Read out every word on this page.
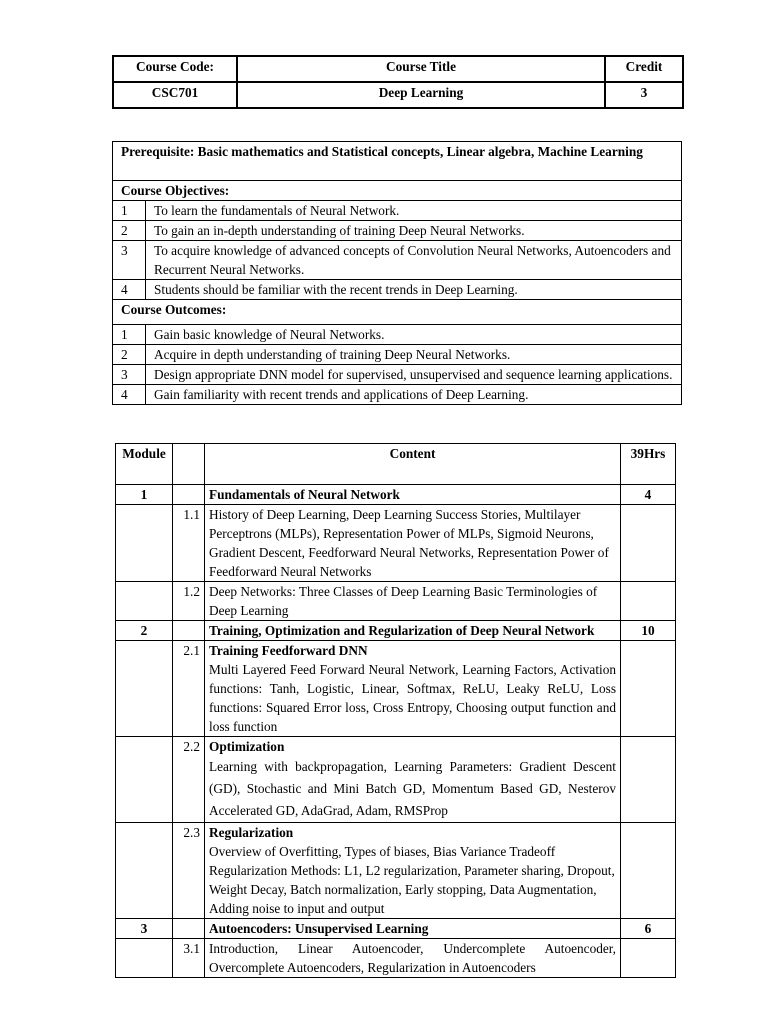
Course Code:	Course Title	Credit
CSC701	Deep Learning	3
Prerequisite: Basic mathematics and Statistical concepts, Linear algebra, Machine Learning	
Course Objectives:	
1	To learn the fundamentals of Neural Network.
2	To gain an in-depth understanding of training Deep Neural Networks.
3	To acquire knowledge of advanced concepts of Convolution Neural Networks, Autoencoders and Recurrent Neural Networks.
4	Students should be familiar with the recent trends in Deep Learning.
Course Outcomes:	
1	Gain basic knowledge of Neural Networks.
2	Acquire in depth understanding of training Deep Neural Networks.
3	Design appropriate DNN model for supervised, unsupervised and sequence learning applications.
4	Gain familiarity with recent trends and applications of Deep Learning.
Module		Content	39Hrs
1		Fundamentals of Neural Network	4
	1.1	History of Deep Learning, Deep Learning Success Stories, Multilayer Perceptrons (MLPs), Representation Power of MLPs, Sigmoid Neurons, Gradient Descent, Feedforward Neural Networks, Representation Power of Feedforward Neural Networks	
	1.2	Deep Networks: Three Classes of Deep Learning Basic Terminologies of Deep Learning	
2		Training, Optimization and Regularization of Deep Neural Network	10
	2.1	Training Feedforward DNN
Multi Layered Feed Forward Neural Network, Learning Factors, Activation functions: Tanh, Logistic, Linear, Softmax, ReLU, Leaky ReLU, Loss functions: Squared Error loss, Cross Entropy, Choosing output function and loss function	

	2.2	Optimization
Learning with backpropagation, Learning Parameters: Gradient Descent (GD), Stochastic and Mini Batch GD, Momentum Based GD, Nesterov Accelerated GD, AdaGrad, Adam, RMSProp	

	2.3	Regularization
Overview of Overfitting, Types of biases, Bias Variance Tradeoff Regularization Methods: L1, L2 regularization, Parameter sharing, Dropout, Weight Decay, Batch normalization, Early stopping, Data Augmentation, Adding noise to input and output	

3		Autoencoders: Unsupervised Learning	6
	3.1	Introduction, Linear Autoencoder, Undercomplete Autoencoder, Overcomplete Autoencoders, Regularization in Autoencoders	
